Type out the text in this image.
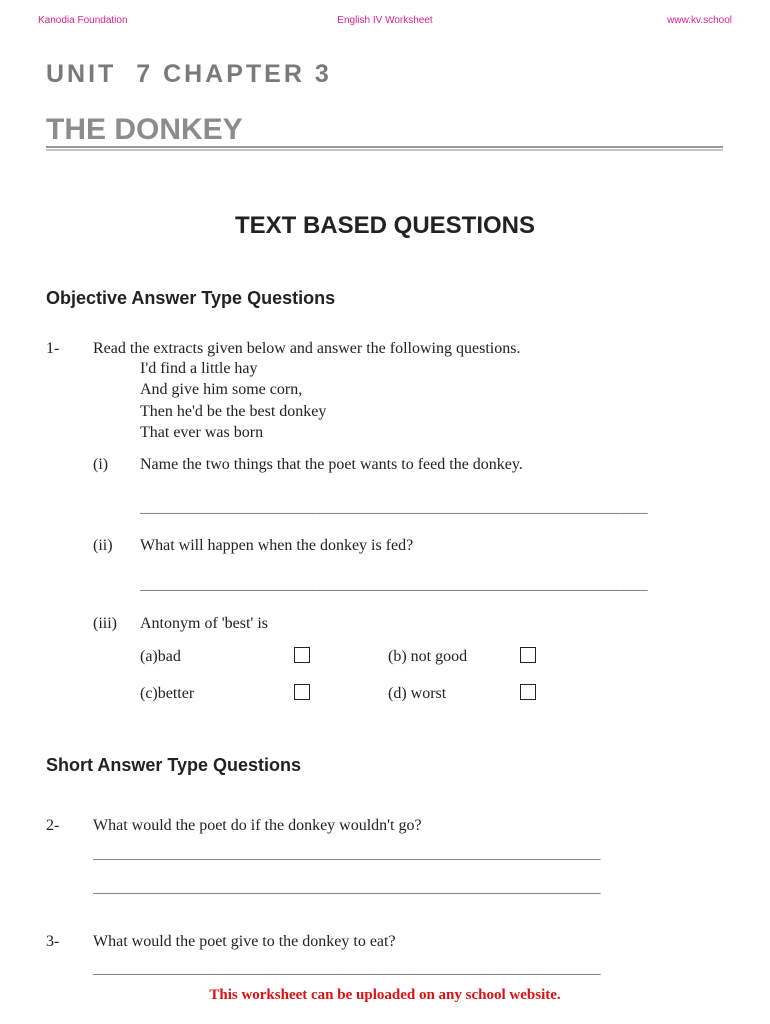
Kanodia Foundation	English IV Worksheet	www.kv.school
UNIT  7 CHAPTER 3
THE DONKEY
TEXT BASED QUESTIONS
Objective Answer Type Questions
1- Read the extracts given below and answer the following questions.
I'd find a little hay
And give him some corn,
Then he'd be the best donkey
That ever was born
(i) Name the two things that the poet wants to feed the donkey.
_________________________________________________________________
(ii) What will happen when the donkey is fed?
_________________________________________________________________
(iii) Antonym of 'best' is
(a)bad	(b) not good
(c)better	(d) worst
Short Answer Type Questions
2- What would the poet do if the donkey wouldn't go?
_________________________________________________________________
_________________________________________________________________
3- What would the poet give to the donkey to eat?
_________________________________________________________________
This worksheet can be uploaded on any school website.
